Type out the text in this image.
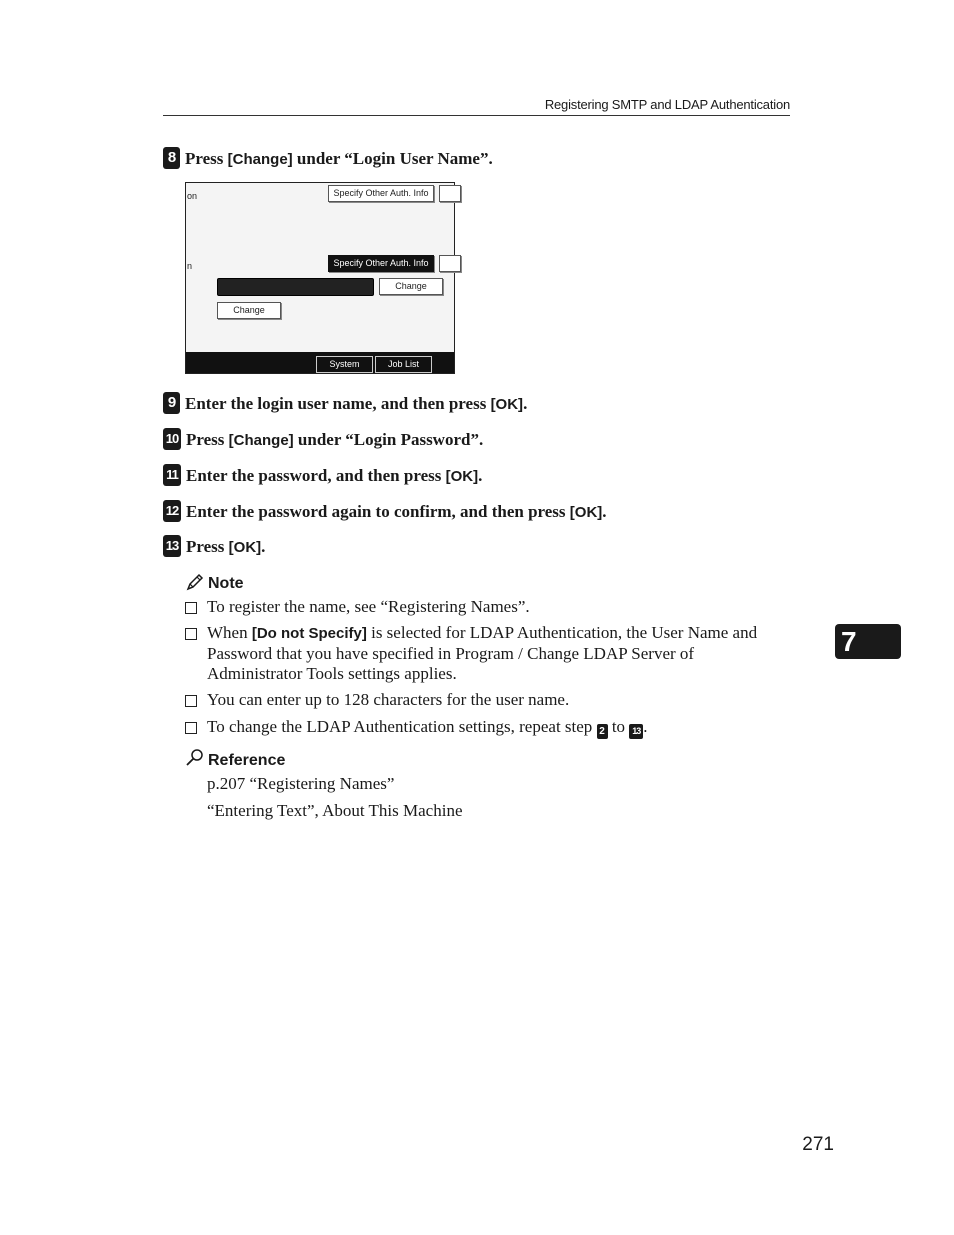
Registering SMTP and LDAP Authentication
8 Press [Change] under “Login User Name”.
on	Specify Other Auth. Info
n	Specify Other Auth. Info
Change
Change
System Status
Job List
9 Enter the login user name, and then press [OK].
10 Press [Change] under “Login Password”.
11 Enter the password, and then press [OK].
12 Enter the password again to confirm, and then press [OK].
13 Press [OK].
Note
To register the name, see “Registering Names”.
When [Do not Specify] is selected for LDAP Authentication, the User Name and Password that you have specified in Program / Change LDAP Server of Administrator Tools settings applies.
You can enter up to 128 characters for the user name.
To change the LDAP Authentication settings, repeat step 2 to 13 .
Reference
p.207 “Registering Names”
“Entering Text”, About This Machine
7
271
